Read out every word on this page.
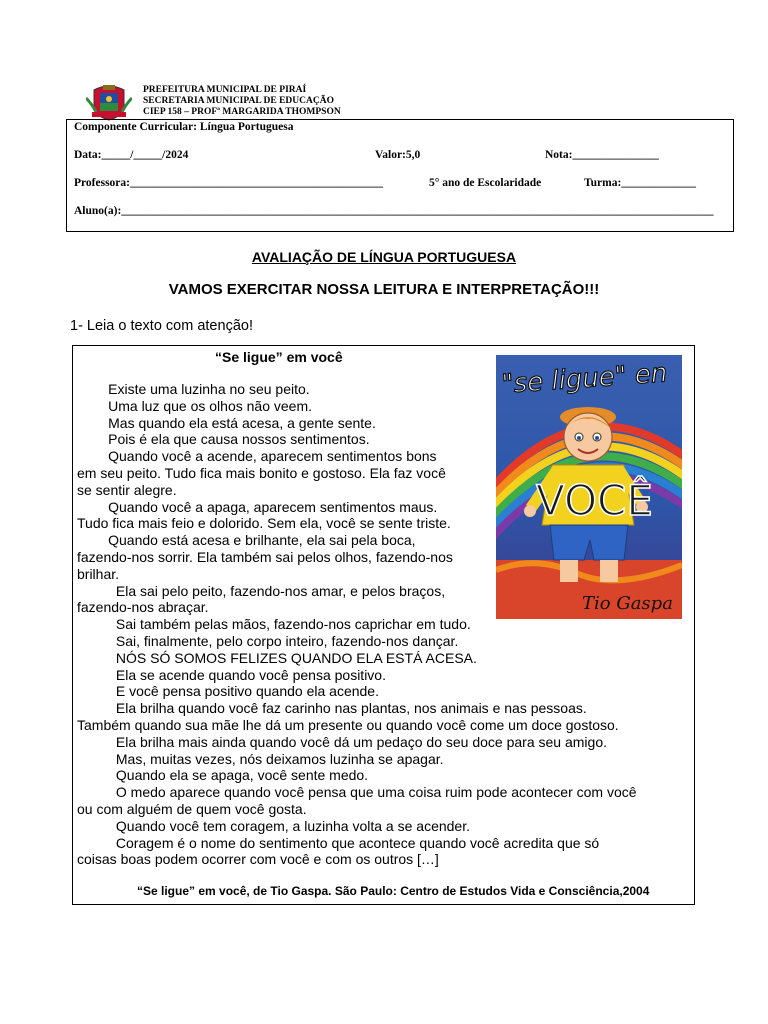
PREFEITURA MUNICIPAL DE PIRAÍ
SECRETARIA MUNICIPAL DE EDUCAÇÃO
CIEP 158 – PROFª MARGARIDA THOMPSON
Componente Curricular: Língua Portuguesa
Data:_____/_____/2024	Valor:5,0	Nota:_______________
Professora:____________________________________________	5° ano de Escolaridade	Turma:_____________
Aluno(a):_______________________________________________________________________________________________________
AVALIAÇÃO DE LÍNGUA PORTUGUESA
VAMOS EXERCITAR NOSSA LEITURA E INTERPRETAÇÃO!!!
1- Leia o texto com atenção!
“Se ligue” em você
"se ligue" en
VOCÊ
Tio Gaspa
Existe uma luzinha no seu peito.
Uma luz que os olhos não veem.
Mas quando ela está acesa, a gente sente.
Pois é ela que causa nossos sentimentos.
Quando você a acende, aparecem sentimentos bons
em seu peito. Tudo fica mais bonito e gostoso. Ela faz você
se sentir alegre.
Quando você a apaga, aparecem sentimentos maus.
Tudo fica mais feio e dolorido. Sem ela, você se sente triste.
Quando está acesa e brilhante, ela sai pela boca,
fazendo-nos sorrir. Ela também sai pelos olhos, fazendo-nos
brilhar.
Ela sai pelo peito, fazendo-nos amar, e pelos braços,
fazendo-nos abraçar.
Sai também pelas mãos, fazendo-nos caprichar em tudo.
Sai, finalmente, pelo corpo inteiro, fazendo-nos dançar.
NÓS SÓ SOMOS FELIZES QUANDO ELA ESTÁ ACESA.
Ela se acende quando você pensa positivo.
E você pensa positivo quando ela acende.
Ela brilha quando você faz carinho nas plantas, nos animais e nas pessoas.
Também quando sua mãe lhe dá um presente ou quando você come um doce gostoso.
Ela brilha mais ainda quando você dá um pedaço do seu doce para seu amigo.
Mas, muitas vezes, nós deixamos luzinha se apagar.
Quando ela se apaga, você sente medo.
O medo aparece quando você pensa que uma coisa ruim pode acontecer com você
ou com alguém de quem você gosta.
Quando você tem coragem, a luzinha volta a se acender.
Coragem é o nome do sentimento que acontece quando você acredita que só
coisas boas podem ocorrer com você e com os outros […]
“Se ligue” em você, de Tio Gaspa. São Paulo: Centro de Estudos Vida e Consciência,2004
